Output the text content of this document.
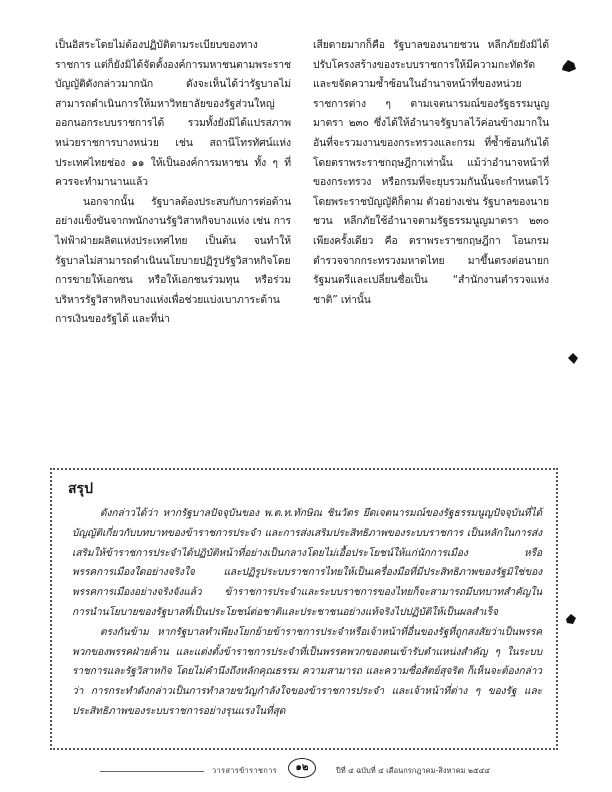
เป็นอิสระโดยไม่ต้องปฏิบัติตามระเบียบของทางราชการ แต่ก็ยังมิได้จัดตั้งองค์การมหาชนตามพระราชบัญญัติดังกล่าวมากนัก ดังจะเห็นได้ว่ารัฐบาลไม่สามารถดำเนินการให้มหาวิทยาลัยของรัฐส่วนใหญ่ออกนอกระบบราชการได้ รวมทั้งยังมิได้แปรสภาพหน่วยราชการบางหน่วย เช่น สถานีโทรทัศน์แห่งประเทศไทยช่อง ๑๑ ให้เป็นองค์การมหาชน ทั้ง ๆ ที่ควรจะทำมานานแล้ว

นอกจากนั้น รัฐบาลต้องประสบกับการต่อต้านอย่างแข็งขันจากพนักงานรัฐวิสาหกิจบางแห่ง เช่น การไฟฟ้าฝ่ายผลิตแห่งประเทศไทย เป็นต้น จนทำให้รัฐบาลไม่สามารถดำเนินนโยบายปฏิรูปรัฐวิสาหกิจโดยการขายให้เอกชน หรือให้เอกชนร่วมทุน หรือร่วมบริหารรัฐวิสาหกิจบางแห่งเพื่อช่วยแบ่งเบาภาระด้านการเงินของรัฐได้ และที่น่า

เสียดายมากก็คือ รัฐบาลของนายชวน หลีกภัยยังมิได้ปรับโครงสร้างของระบบราชการให้มีความกะทัดรัด และขจัดความซ้ำซ้อนในอำนาจหน้าที่ของหน่วยราชการต่าง ๆ ตามเจตนารมณ์ของรัฐธรรมนูญ มาตรา ๒๓๐ ซึ่งได้ให้อำนาจรัฐบาลไว้ค่อนข้างมากในอันที่จะรวมงานของกระทรวงและกรม ที่ซ้ำซ้อนกันได้โดยตราพระราชกฤษฎีกาเท่านั้น แม้ว่าอำนาจหน้าที่ของกระทรวง หรือกรมที่จะยุบรวมกันนั้นจะกำหนดไว้โดยพระราชบัญญัติก็ตาม ตัวอย่างเช่น รัฐบาลของนายชวน หลีกภัยใช้อำนาจตามรัฐธรรมนูญมาตรา ๒๓๐ เพียงครั้งเดียว คือ ตราพระราชกฤษฎีกา โอนกรมตำรวจจากกระทรวงมหาดไทย มาขึ้นตรงต่อนายกรัฐมนตรีและเปลี่ยนชื่อเป็น “สำนักงานตำรวจแห่งชาติ” เท่านั้น

สรุป

ดังกล่าวได้ว่า หากรัฐบาลปัจจุบันของ พ.ต.ท.ทักษิณ ชินวัตร ยึดเจตนารมณ์ของรัฐธรรมนูญปัจจุบันที่ได้บัญญัติเกี่ยวกับบทบาทของข้าราชการประจำ และการส่งเสริมประสิทธิภาพของระบบราชการ เป็นหลักในการส่งเสริมให้ข้าราชการประจำได้ปฏิบัติหน้าที่อย่างเป็นกลางโดยไม่เอื้อประโยชน์ให้แก่นักการเมือง หรือพรรคการเมืองใดอย่างจริงใจ และปฏิรูประบบราชการไทยให้เป็นเครื่องมือที่มีประสิทธิภาพของรัฐมิใช่ของพรรคการเมืองอย่างจริงจังแล้ว ข้าราชการประจำและระบบราชการของไทยก็จะสามารถมีบทบาทสำคัญในการนำนโยบายของรัฐบาลที่เป็นประโยชน์ต่อชาติและประชาชนอย่างแท้จริงไปปฏิบัติให้เป็นผลสำเร็จ

ตรงกันข้าม หากรัฐบาลทำเพียงโยกย้ายข้าราชการประจำหรือเจ้าหน้าที่อื่นของรัฐที่ถูกสงสัยว่าเป็นพรรคพวกของพรรคฝ่ายค้าน และแต่งตั้งข้าราชการประจำที่เป็นพรรคพวกของตนเข้ารับตำแหน่งสำคัญ ๆ ในระบบราชการและรัฐวิสาหกิจ โดยไม่คำนึงถึงหลักคุณธรรม ความสามารถ และความซื่อสัตย์สุจริต ก็เห็นจะต้องกล่าวว่า การกระทำดังกล่าวเป็นการทำลายขวัญกำลังใจของข้าราชการประจำ และเจ้าหน้าที่ต่าง ๆ ของรัฐ และประสิทธิภาพของระบบราชการอย่างรุนแรงในที่สุด

วารสารข้าราชการ	๑๒	ปีที่ ๔ ฉบับที่ ๔ เดือนกรกฎาคม-สิงหาคม ๒๕๔๔
